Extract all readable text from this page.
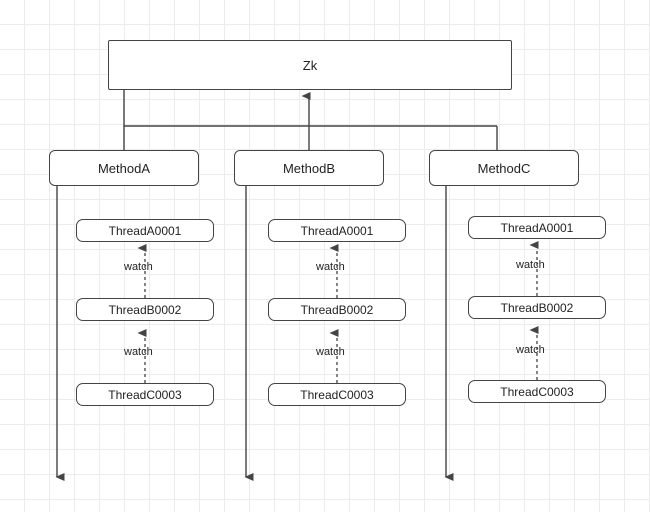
Zk
MethodA	MethodB	MethodC
ThreadA0001
ThreadB0002
ThreadC0003
ThreadA0001
ThreadB0002
ThreadC0003
ThreadA0001
ThreadB0002
ThreadC0003
watch
watch
watch
watch
watch
watch
